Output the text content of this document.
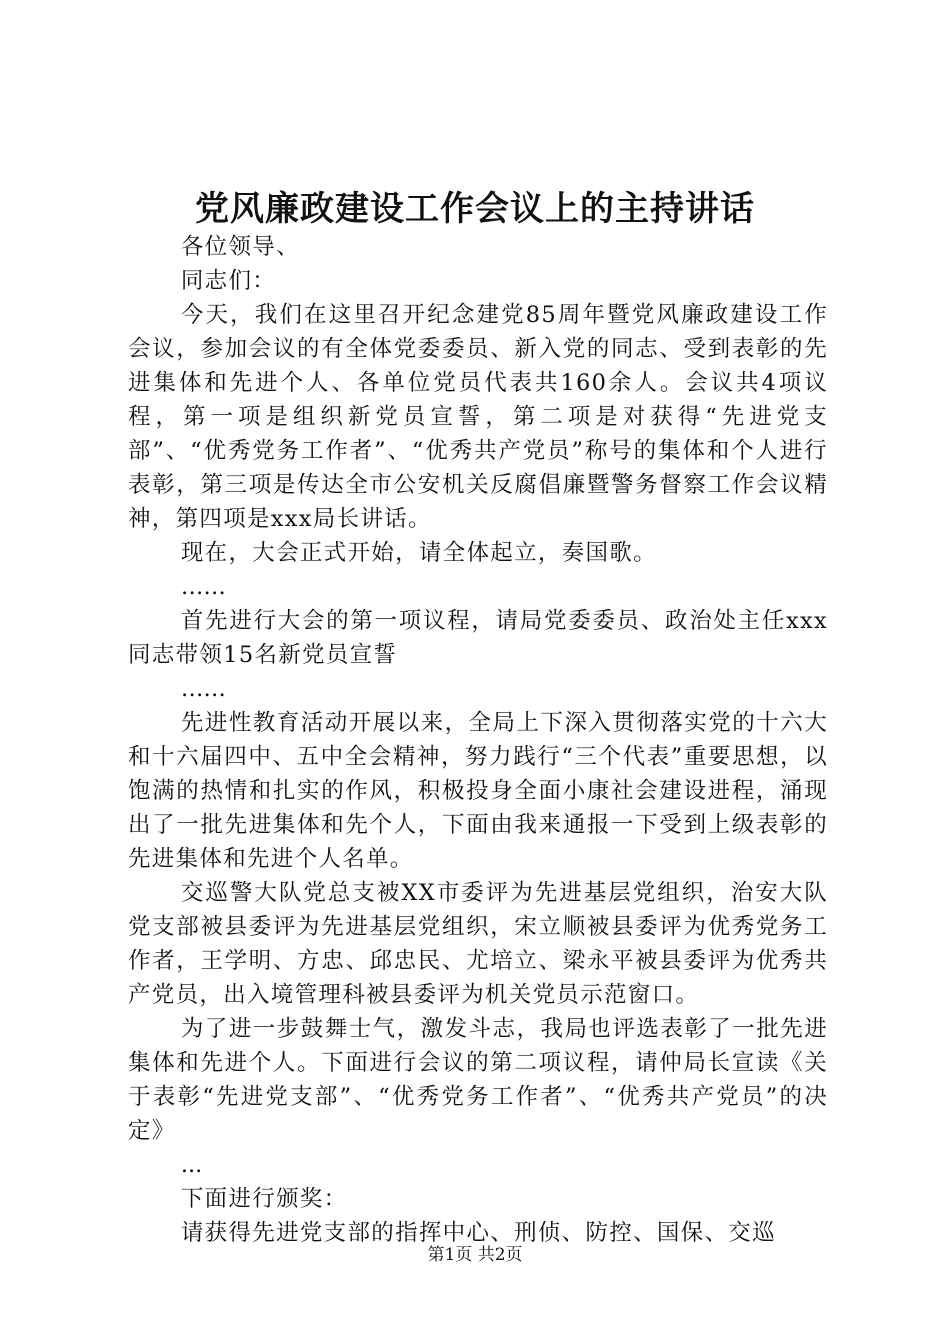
党风廉政建设工作会议上的主持讲话

各位领导、

同志们：

今天，我们在这里召开纪念建党85周年暨党风廉政建设工作会议，参加会议的有全体党委委员、新入党的同志、受到表彰的先进集体和先进个人、各单位党员代表共160余人。会议共4项议程，第一项是组织新党员宣誓，第二项是对获得“先进党支部”、“优秀党务工作者”、“优秀共产党员”称号的集体和个人进行表彰，第三项是传达全市公安机关反腐倡廉暨警务督察工作会议精神，第四项是xxx局长讲话。

现在，大会正式开始，请全体起立，奏国歌。

……

首先进行大会的第一项议程，请局党委委员、政治处主任xxx同志带领15名新党员宣誓

……

先进性教育活动开展以来，全局上下深入贯彻落实党的十六大和十六届四中、五中全会精神，努力践行“三个代表”重要思想，以饱满的热情和扎实的作风，积极投身全面小康社会建设进程，涌现出了一批先进集体和先个人，下面由我来通报一下受到上级表彰的先进集体和先进个人名单。

交巡警大队党总支被XX市委评为先进基层党组织，治安大队党支部被县委评为先进基层党组织，宋立顺被县委评为优秀党务工作者，王学明、方忠、邱忠民、尤培立、梁永平被县委评为优秀共产党员，出入境管理科被县委评为机关党员示范窗口。

为了进一步鼓舞士气，激发斗志，我局也评选表彰了一批先进集体和先进个人。下面进行会议的第二项议程，请仲局长宣读《关于表彰“先进党支部”、“优秀党务工作者”、“优秀共产党员”的决定》

...

下面进行颁奖：

请获得先进党支部的指挥中心、刑侦、防控、国保、交巡

第1页 共2页
